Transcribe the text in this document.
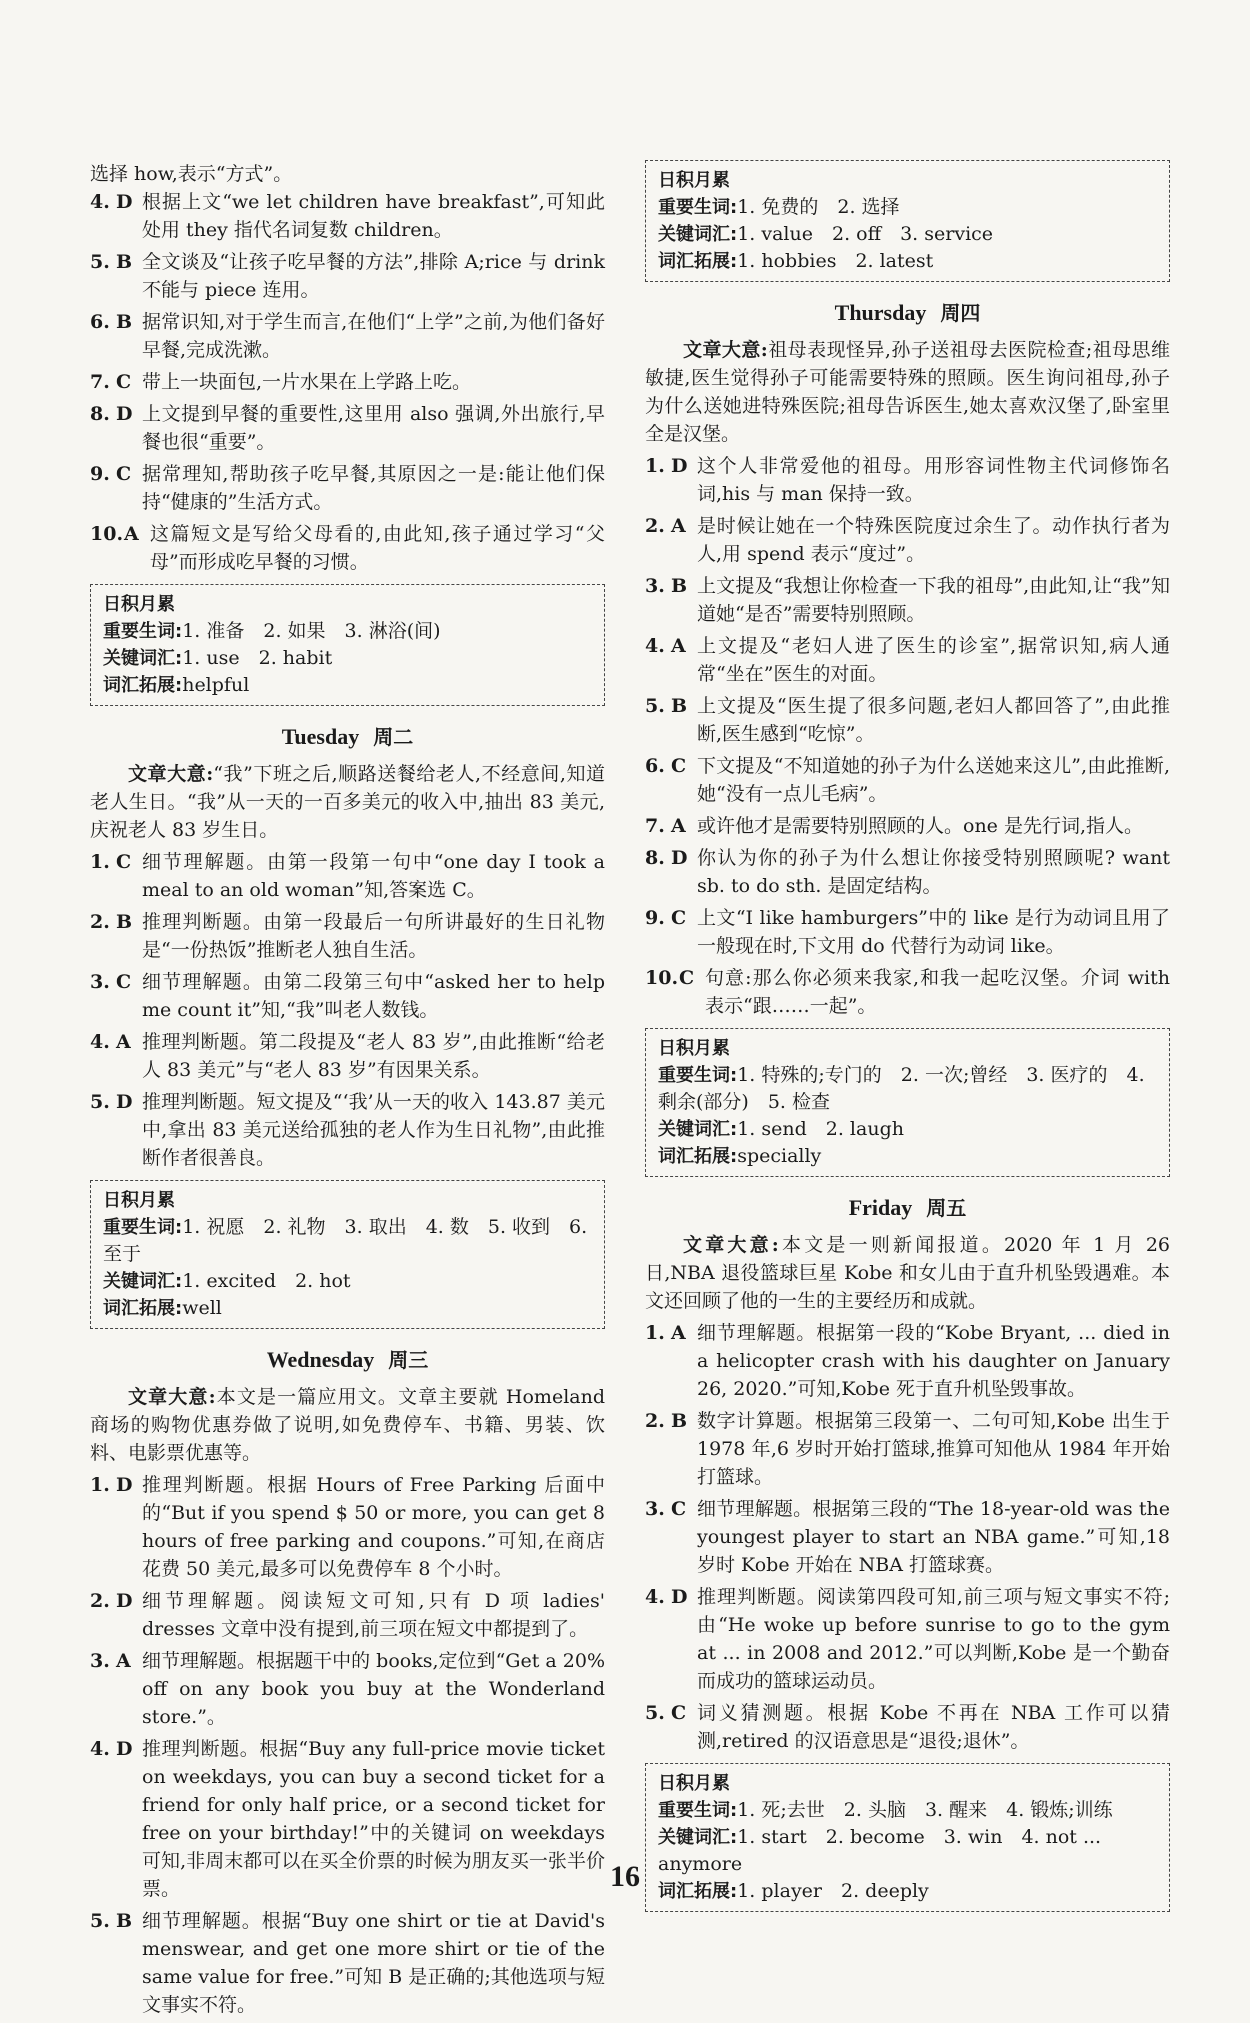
选择 how,表示“方式”。

4. D 根据上文“we let children have breakfast”,可知此处用 they 指代名词复数 children。
5. B 全文谈及“让孩子吃早餐的方法”,排除 A;rice 与 drink 不能与 piece 连用。
6. B 据常识知,对于学生而言,在他们“上学”之前,为他们备好早餐,完成洗漱。
7. C 带上一块面包,一片水果在上学路上吃。
8. D 上文提到早餐的重要性,这里用 also 强调,外出旅行,早餐也很“重要”。
9. C 据常理知,帮助孩子吃早餐,其原因之一是:能让他们保持“健康的”生活方式。
10. A 这篇短文是写给父母看的,由此知,孩子通过学习“父母”而形成吃早餐的习惯。
日积月累
重要生词:1. 准备　2. 如果　3. 淋浴(间)
关键词汇:1. use　2. habit
词汇拓展:helpful
Tuesday 周二

文章大意:“我”下班之后,顺路送餐给老人,不经意间,知道老人生日。“我”从一天的一百多美元的收入中,抽出 83 美元,庆祝老人 83 岁生日。

1. C 细节理解题。由第一段第一句中“one day I took a meal to an old woman”知,答案选 C。
2. B 推理判断题。由第一段最后一句所讲最好的生日礼物是“一份热饭”推断老人独自生活。
3. C 细节理解题。由第二段第三句中“asked her to help me count it”知,“我”叫老人数钱。
4. A 推理判断题。第二段提及“老人 83 岁”,由此推断“给老人 83 美元”与“老人 83 岁”有因果关系。
5. D 推理判断题。短文提及“‘我’从一天的收入 143.87 美元中,拿出 83 美元送给孤独的老人作为生日礼物”,由此推断作者很善良。
日积月累
重要生词:1. 祝愿　2. 礼物　3. 取出　4. 数　5. 收到　6. 至于
关键词汇:1. excited　2. hot
词汇拓展:well
Wednesday 周三

文章大意:本文是一篇应用文。文章主要就 Homeland 商场的购物优惠券做了说明,如免费停车、书籍、男装、饮料、电影票优惠等。

1. D 推理判断题。根据 Hours of Free Parking 后面中的“But if you spend $ 50 or more, you can get 8 hours of free parking and coupons.”可知,在商店花费 50 美元,最多可以免费停车 8 个小时。
2. D 细节理解题。阅读短文可知,只有 D 项 ladies' dresses 文章中没有提到,前三项在短文中都提到了。
3. A 细节理解题。根据题干中的 books,定位到“Get a 20% off on any book you buy at the Wonderland store.”。
4. D 推理判断题。根据“Buy any full-price movie ticket on weekdays, you can buy a second ticket for a friend for only half price, or a second ticket for free on your birthday!”中的关键词 on weekdays 可知,非周末都可以在买全价票的时候为朋友买一张半价票。
5. B 细节理解题。根据“Buy one shirt or tie at David's menswear, and get one more shirt or tie of the same value for free.”可知 B 是正确的;其他选项与短文事实不符。
日积月累
重要生词:1. 免费的　2. 选择
关键词汇:1. value　2. off　3. service
词汇拓展:1. hobbies　2. latest
Thursday 周四

文章大意:祖母表现怪异,孙子送祖母去医院检查;祖母思维敏捷,医生觉得孙子可能需要特殊的照顾。医生询问祖母,孙子为什么送她进特殊医院;祖母告诉医生,她太喜欢汉堡了,卧室里全是汉堡。

1. D 这个人非常爱他的祖母。用形容词性物主代词修饰名词,his 与 man 保持一致。
2. A 是时候让她在一个特殊医院度过余生了。动作执行者为人,用 spend 表示“度过”。
3. B 上文提及“我想让你检查一下我的祖母”,由此知,让“我”知道她“是否”需要特别照顾。
4. A 上文提及“老妇人进了医生的诊室”,据常识知,病人通常“坐在”医生的对面。
5. B 上文提及“医生提了很多问题,老妇人都回答了”,由此推断,医生感到“吃惊”。
6. C 下文提及“不知道她的孙子为什么送她来这儿”,由此推断,她“没有一点儿毛病”。
7. A 或许他才是需要特别照顾的人。one 是先行词,指人。
8. D 你认为你的孙子为什么想让你接受特别照顾呢? want sb. to do sth. 是固定结构。
9. C 上文“I like hamburgers”中的 like 是行为动词且用了一般现在时,下文用 do 代替行为动词 like。
10. C 句意:那么你必须来我家,和我一起吃汉堡。介词 with 表示“跟……一起”。
日积月累
重要生词:1. 特殊的;专门的　2. 一次;曾经　3. 医疗的　4. 剩余(部分)　5. 检查
关键词汇:1. send　2. laugh
词汇拓展:specially
Friday 周五

文章大意:本文是一则新闻报道。2020 年 1 月 26 日,NBA 退役篮球巨星 Kobe 和女儿由于直升机坠毁遇难。本文还回顾了他的一生的主要经历和成就。

1. A 细节理解题。根据第一段的“Kobe Bryant, ... died in a helicopter crash with his daughter on January 26, 2020.”可知,Kobe 死于直升机坠毁事故。
2. B 数字计算题。根据第三段第一、二句可知,Kobe 出生于 1978 年,6 岁时开始打篮球,推算可知他从 1984 年开始打篮球。
3. C 细节理解题。根据第三段的“The 18-year-old was the youngest player to start an NBA game.”可知,18 岁时 Kobe 开始在 NBA 打篮球赛。
4. D 推理判断题。阅读第四段可知,前三项与短文事实不符;由“He woke up before sunrise to go to the gym at ... in 2008 and 2012.”可以判断,Kobe 是一个勤奋而成功的篮球运动员。
5. C 词义猜测题。根据 Kobe 不再在 NBA 工作可以猜测,retired 的汉语意思是“退役;退休”。
日积月累
重要生词:1. 死;去世　2. 头脑　3. 醒来　4. 锻炼;训练
关键词汇:1. start　2. become　3. win　4. not ... anymore
词汇拓展:1. player　2. deeply
16
